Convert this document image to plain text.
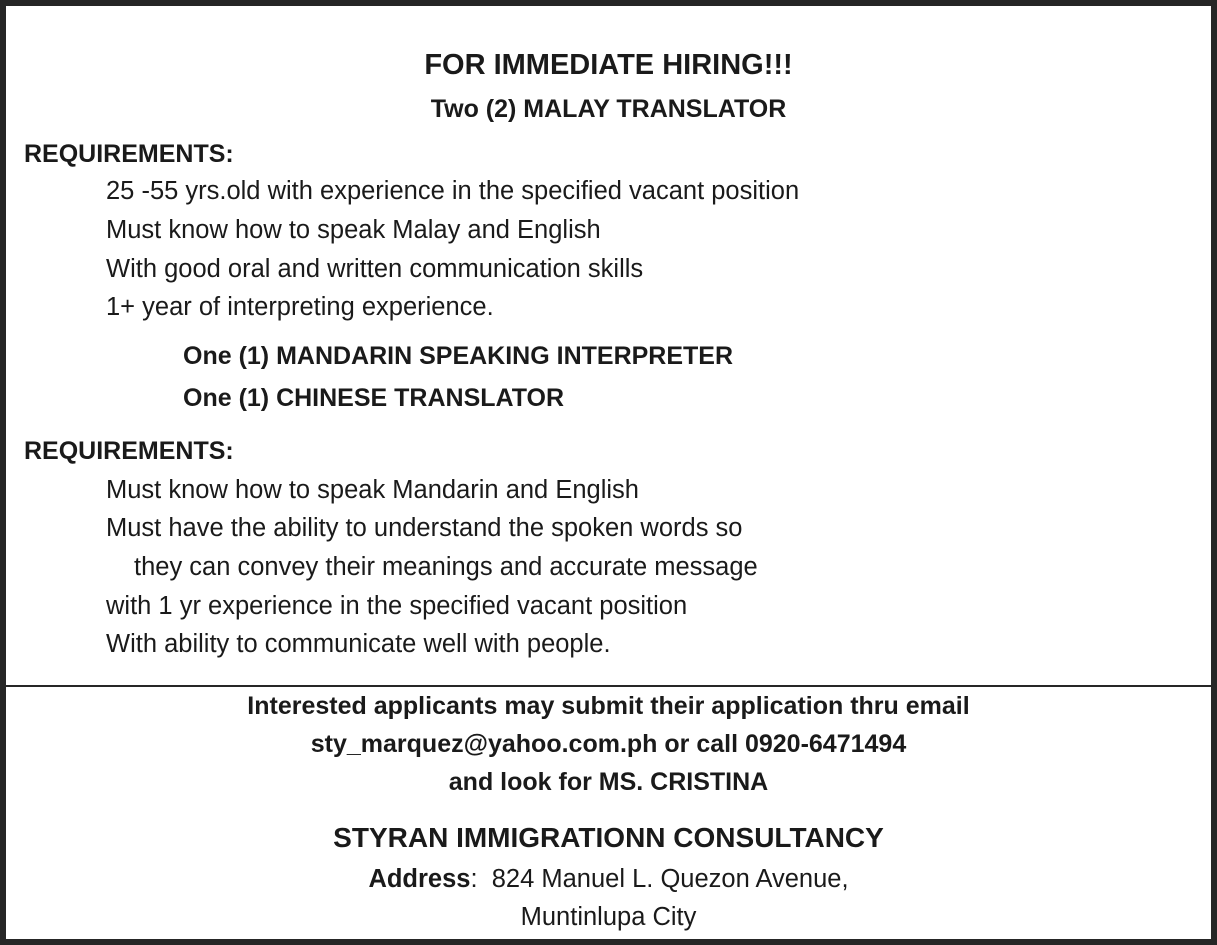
FOR IMMEDIATE HIRING!!!
Two (2) MALAY TRANSLATOR
REQUIREMENTS:
25 -55 yrs.old with experience in the specified vacant position
Must know how to speak Malay and English
With good oral and written communication skills
1+ year of interpreting experience.
One (1) MANDARIN SPEAKING INTERPRETER
One (1) CHINESE TRANSLATOR
REQUIREMENTS:
Must know how to speak Mandarin and English
Must have the ability to understand the spoken words so
they can convey their meanings and accurate message
with 1 yr experience in the specified vacant position
With ability to communicate well with people.
Interested applicants may submit their application thru email
sty_marquez@yahoo.com.ph or call 0920-6471494
and look for MS. CRISTINA
STYRAN IMMIGRATIONN CONSULTANCY
Address:  824 Manuel L. Quezon Avenue,
Muntinlupa City
